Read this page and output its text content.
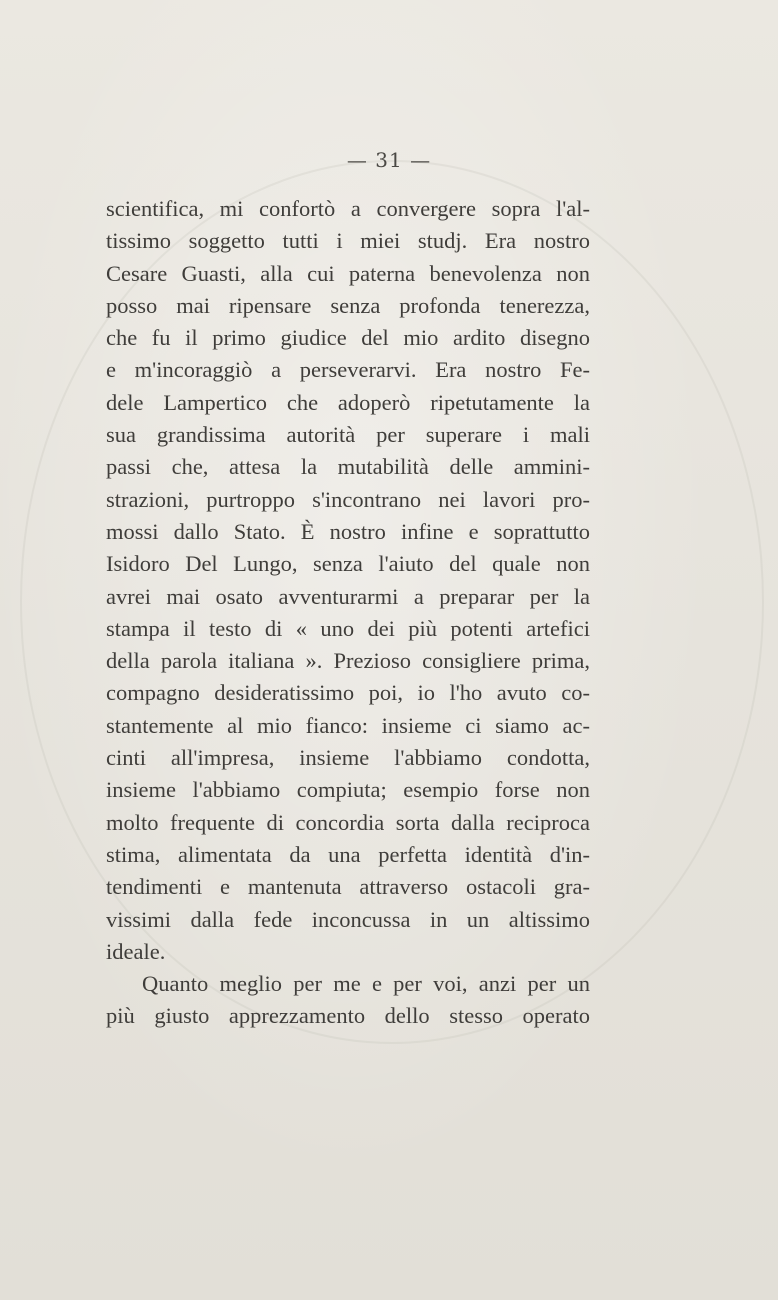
— 31 —
scientifica, mi confortò a convergere sopra l'al-
tissimo soggetto tutti i miei studj. Era nostro
Cesare Guasti, alla cui paterna benevolenza non
posso mai ripensare senza profonda tenerezza,
che fu il primo giudice del mio ardito disegno
e m'incoraggiò a perseverarvi. Era nostro Fe-
dele Lampertico che adoperò ripetutamente la
sua grandissima autorità per superare i mali
passi che, attesa la mutabilità delle ammini-
strazioni, purtroppo s'incontrano nei lavori pro-
mossi dallo Stato. È nostro infine e soprattutto
Isidoro Del Lungo, senza l'aiuto del quale non
avrei mai osato avventurarmi a preparar per la
stampa il testo di « uno dei più potenti artefici
della parola italiana ». Prezioso consigliere prima,
compagno desideratissimo poi, io l'ho avuto co-
stantemente al mio fianco: insieme ci siamo ac-
cinti all'impresa, insieme l'abbiamo condotta,
insieme l'abbiamo compiuta; esempio forse non
molto frequente di concordia sorta dalla reciproca
stima, alimentata da una perfetta identità d'in-
tendimenti e mantenuta attraverso ostacoli gra-
vissimi dalla fede inconcussa in un altissimo
ideale.
Quanto meglio per me e per voi, anzi per un
più giusto apprezzamento dello stesso operato
